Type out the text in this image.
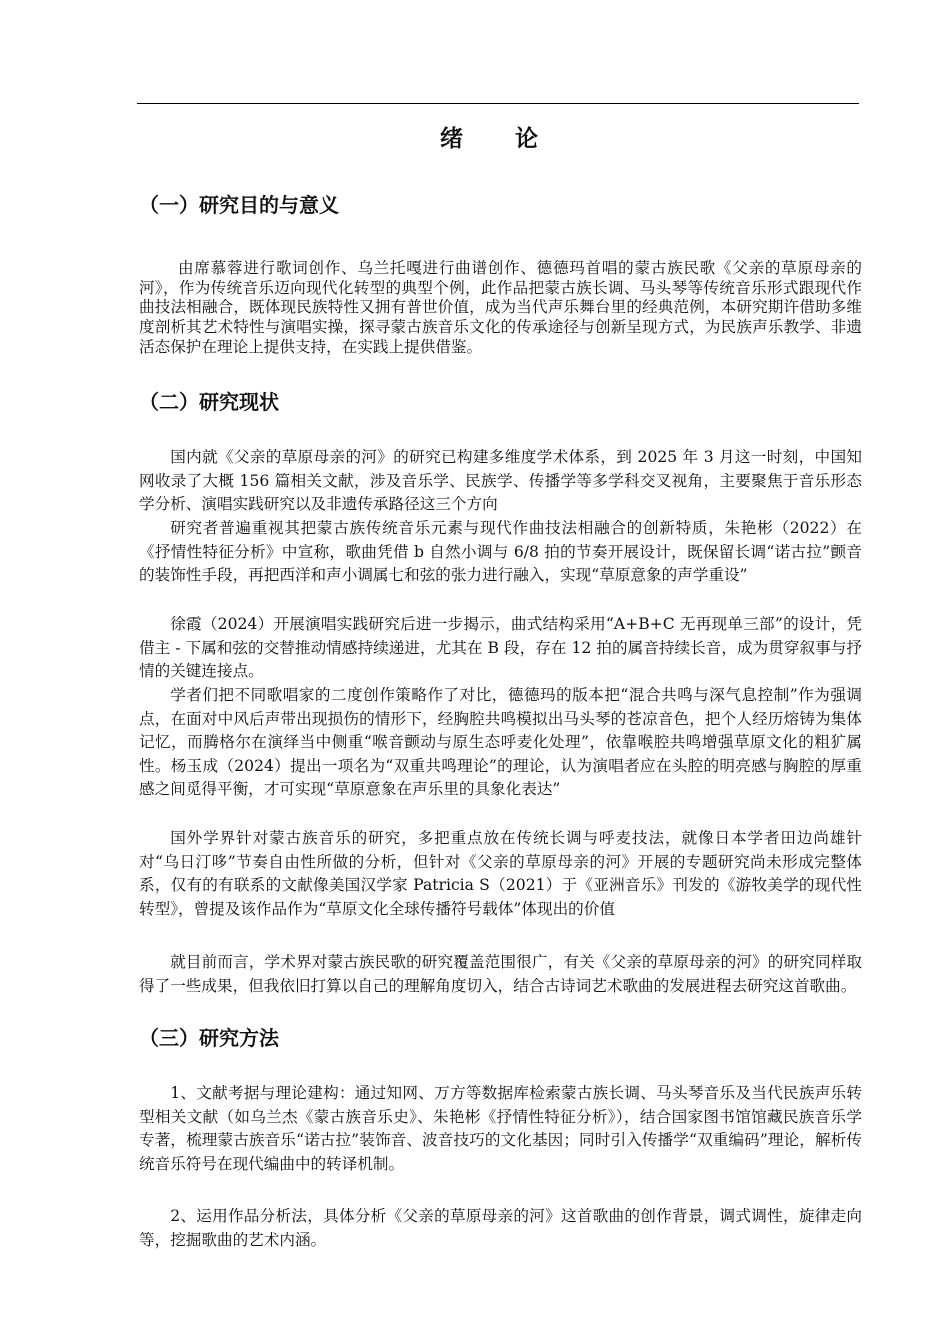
绪 论
（一）研究目的与意义

由席慕蓉进行歌词创作、乌兰托嘎进行曲谱创作、德德玛首唱的蒙古族民歌《父亲的草原母亲的河》，作为传统音乐迈向现代化转型的典型个例，此作品把蒙古族长调、马头琴等传统音乐形式跟现代作曲技法相融合，既体现民族特性又拥有普世价值，成为当代声乐舞台里的经典范例，本研究期许借助多维度剖析其艺术特性与演唱实操，探寻蒙古族音乐文化的传承途径与创新呈现方式，为民族声乐教学、非遗活态保护在理论上提供支持，在实践上提供借鉴。

（二）研究现状

国内就《父亲的草原母亲的河》的研究已构建多维度学术体系，到 2025 年 3 月这一时刻，中国知网收录了大概 156 篇相关文献，涉及音乐学、民族学、传播学等多学科交叉视角，主要聚焦于音乐形态学分析、演唱实践研究以及非遗传承路径这三个方向

研究者普遍重视其把蒙古族传统音乐元素与现代作曲技法相融合的创新特质，朱艳彬（2022）在《抒情性特征分析》中宣称，歌曲凭借 b 自然小调与 6/8 拍的节奏开展设计，既保留长调“诺古拉”颤音的装饰性手段，再把西洋和声小调属七和弦的张力进行融入，实现“草原意象的声学重设”

徐霞（2024）开展演唱实践研究后进一步揭示，曲式结构采用“A+B+C 无再现单三部”的设计，凭借主 - 下属和弦的交替推动情感持续递进，尤其在 B 段，存在 12 拍的属音持续长音，成为贯穿叙事与抒情的关键连接点。

学者们把不同歌唱家的二度创作策略作了对比，德德玛的版本把“混合共鸣与深气息控制”作为强调点，在面对中风后声带出现损伤的情形下，经胸腔共鸣模拟出马头琴的苍凉音色，把个人经历熔铸为集体记忆，而腾格尔在演绎当中侧重“喉音颤动与原生态呼麦化处理”，依靠喉腔共鸣增强草原文化的粗犷属性。杨玉成（2024）提出一项名为“双重共鸣理论”的理论，认为演唱者应在头腔的明亮感与胸腔的厚重感之间觅得平衡，才可实现“草原意象在声乐里的具象化表达”

国外学界针对蒙古族音乐的研究，多把重点放在传统长调与呼麦技法，就像日本学者田边尚雄针对“乌日汀哆”节奏自由性所做的分析，但针对《父亲的草原母亲的河》开展的专题研究尚未形成完整体系，仅有的有联系的文献像美国汉学家 Patricia S（2021）于《亚洲音乐》刊发的《游牧美学的现代性转型》，曾提及该作品作为“草原文化全球传播符号载体”体现出的价值

就目前而言，学术界对蒙古族民歌的研究覆盖范围很广，有关《父亲的草原母亲的河》的研究同样取得了一些成果，但我依旧打算以自己的理解角度切入，结合古诗词艺术歌曲的发展进程去研究这首歌曲。

（三）研究方法

1、文献考据与理论建构：通过知网、万方等数据库检索蒙古族长调、马头琴音乐及当代民族声乐转型相关文献（如乌兰杰《蒙古族音乐史》、朱艳彬《抒情性特征分析》），结合国家图书馆馆藏民族音乐学专著，梳理蒙古族音乐“诺古拉”装饰音、波音技巧的文化基因；同时引入传播学“双重编码”理论，解析传统音乐符号在现代编曲中的转译机制。

2、运用作品分析法，具体分析《父亲的草原母亲的河》这首歌曲的创作背景，调式调性，旋律走向等，挖掘歌曲的艺术内涵。
